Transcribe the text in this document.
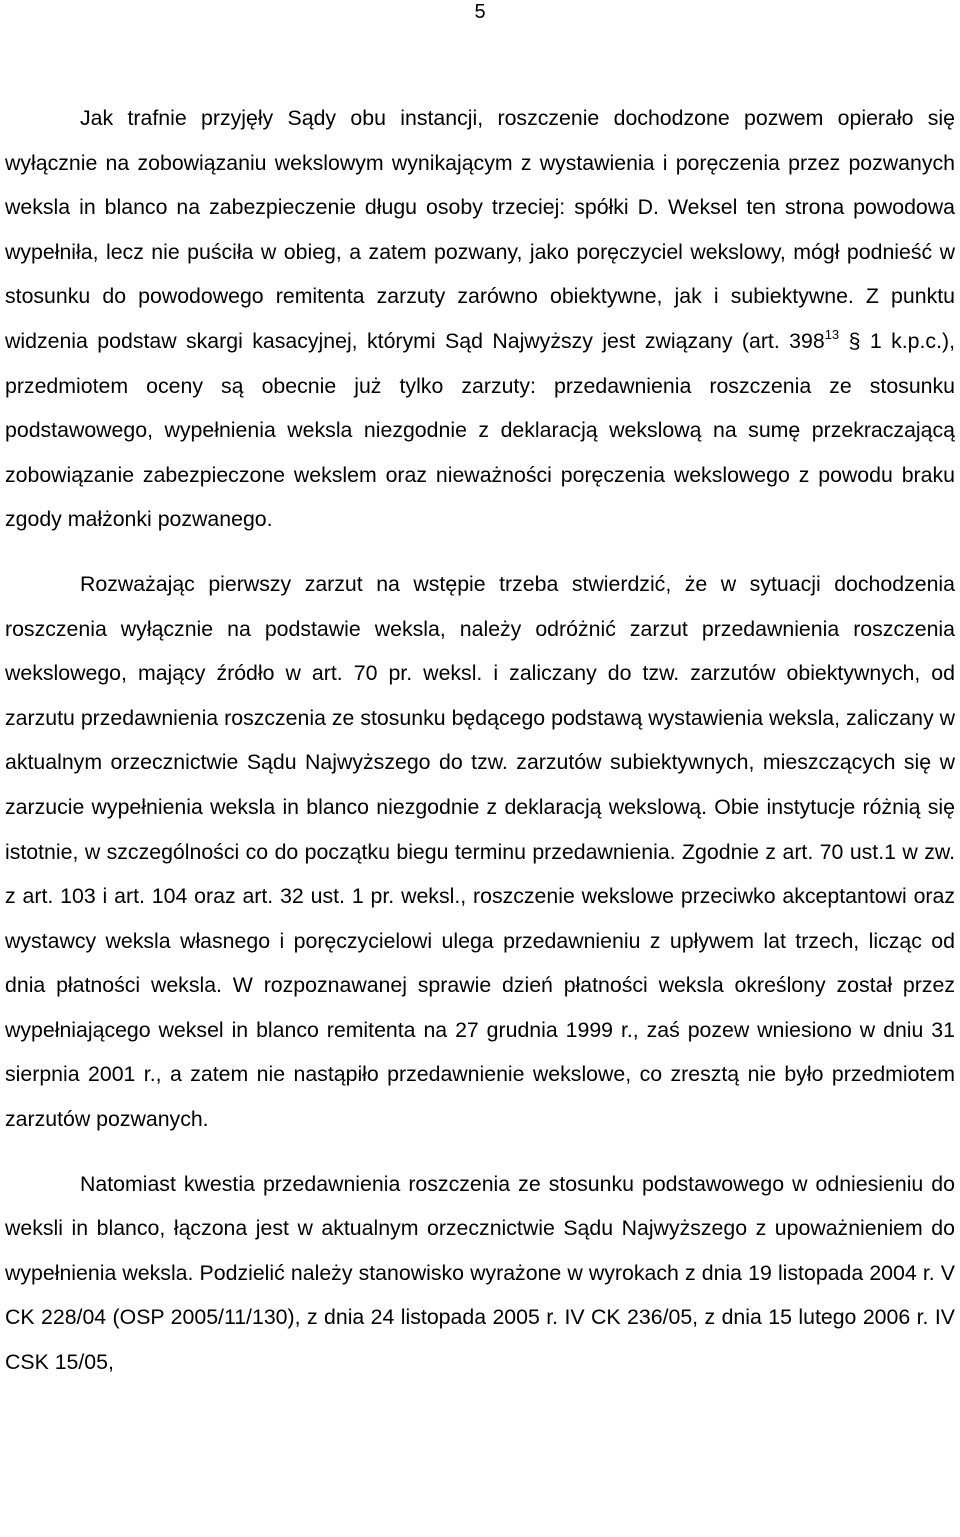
5

Jak trafnie przyjęły Sądy obu instancji, roszczenie dochodzone pozwem opierało się wyłącznie na zobowiązaniu wekslowym wynikającym z wystawienia i poręczenia przez pozwanych weksla in blanco na zabezpieczenie długu osoby trzeciej: spółki D. Weksel ten strona powodowa wypełniła, lecz nie puściła w obieg, a zatem pozwany, jako poręczyciel wekslowy, mógł podnieść w stosunku do powodowego remitenta zarzuty zarówno obiektywne, jak i subiektywne. Z punktu widzenia podstaw skargi kasacyjnej, którymi Sąd Najwyższy jest związany (art. $398^{13}$ § 1 k.p.c.), przedmiotem oceny są obecnie już tylko zarzuty: przedawnienia roszczenia ze stosunku podstawowego, wypełnienia weksla niezgodnie z deklaracją wekslową na sumę przekraczającą zobowiązanie zabezpieczone wekslem oraz nieważności poręczenia wekslowego z powodu braku zgody małżonki pozwanego.

Rozważając pierwszy zarzut na wstępie trzeba stwierdzić, że w sytuacji dochodzenia roszczenia wyłącznie na podstawie weksla, należy odróżnić zarzut przedawnienia roszczenia wekslowego, mający źródło w art. 70 pr. weksl. i zaliczany do tzw. zarzutów obiektywnych, od zarzutu przedawnienia roszczenia ze stosunku będącego podstawą wystawienia weksla, zaliczany w aktualnym orzecznictwie Sądu Najwyższego do tzw. zarzutów subiektywnych, mieszczących się w zarzucie wypełnienia weksla in blanco niezgodnie z deklaracją wekslową. Obie instytucje różnią się istotnie, w szczególności co do początku biegu terminu przedawnienia. Zgodnie z art. 70 ust.1 w zw. z art. 103 i art. 104 oraz art. 32 ust. 1 pr. weksl., roszczenie wekslowe przeciwko akceptantowi oraz wystawcy weksla własnego i poręczycielowi ulega przedawnieniu z upływem lat trzech, licząc od dnia płatności weksla. W rozpoznawanej sprawie dzień płatności weksla określony został przez wypełniającego weksel in blanco remitenta na 27 grudnia 1999 r., zaś pozew wniesiono w dniu 31 sierpnia 2001 r., a zatem nie nastąpiło przedawnienie wekslowe, co zresztą nie było przedmiotem zarzutów pozwanych.

Natomiast kwestia przedawnienia roszczenia ze stosunku podstawowego w odniesieniu do weksli in blanco, łączona jest w aktualnym orzecznictwie Sądu Najwyższego z upoważnieniem do wypełnienia weksla. Podzielić należy stanowisko wyrażone w wyrokach z dnia 19 listopada 2004 r. V CK 228/04 (OSP 2005/11/130), z dnia 24 listopada 2005 r. IV CK 236/05, z dnia 15 lutego 2006 r. IV CSK 15/05,
